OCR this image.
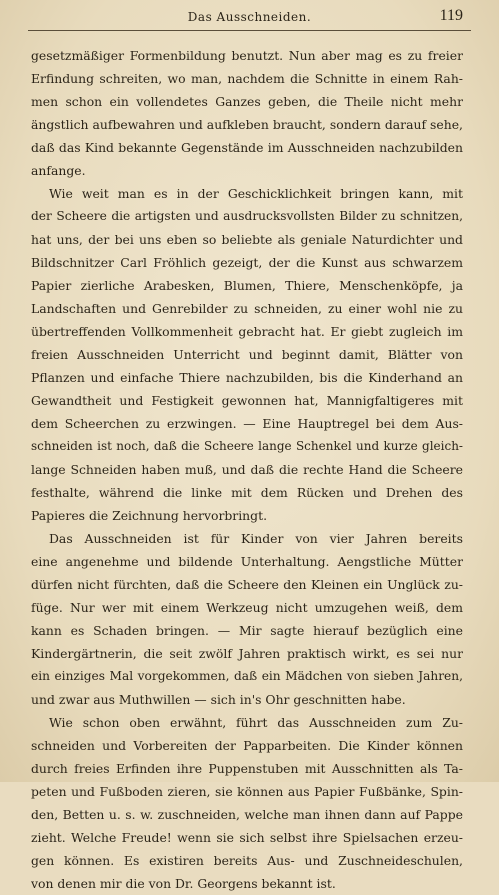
Das Ausschneiden.	119
gesetzmäßiger Formenbildung benutzt. Nun aber mag es zu freier
Erfindung schreiten, wo man, nachdem die Schnitte in einem Rah-
men schon ein vollendetes Ganzes geben, die Theile nicht mehr
ängstlich aufbewahren und aufkleben braucht, sondern darauf sehe,
daß das Kind bekannte Gegenstände im Ausschneiden nachzubilden
anfange.
Wie weit man es in der Geschicklichkeit bringen kann, mit
der Scheere die artigsten und ausdrucksvollsten Bilder zu schnitzen,
hat uns, der bei uns eben so beliebte als geniale Naturdichter und
Bildschnitzer Carl Fröhlich gezeigt, der die Kunst aus schwarzem
Papier zierliche Arabesken, Blumen, Thiere, Menschenköpfe, ja
Landschaften und Genrebilder zu schneiden, zu einer wohl nie zu
übertreffenden Vollkommenheit gebracht hat. Er giebt zugleich im
freien Ausschneiden Unterricht und beginnt damit, Blätter von
Pflanzen und einfache Thiere nachzubilden, bis die Kinderhand an
Gewandtheit und Festigkeit gewonnen hat, Mannigfaltigeres mit
dem Scheerchen zu erzwingen. — Eine Hauptregel bei dem Aus-
schneiden ist noch, daß die Scheere lange Schenkel und kurze gleich-
lange Schneiden haben muß, und daß die rechte Hand die Scheere
festhalte, während die linke mit dem Rücken und Drehen des
Papieres die Zeichnung hervorbringt.
Das Ausschneiden ist für Kinder von vier Jahren bereits
eine angenehme und bildende Unterhaltung. Aengstliche Mütter
dürfen nicht fürchten, daß die Scheere den Kleinen ein Unglück zu-
füge. Nur wer mit einem Werkzeug nicht umzugehen weiß, dem
kann es Schaden bringen. — Mir sagte hierauf bezüglich eine
Kindergärtnerin, die seit zwölf Jahren praktisch wirkt, es sei nur
ein einziges Mal vorgekommen, daß ein Mädchen von sieben Jahren,
und zwar aus Muthwillen — sich in's Ohr geschnitten habe.
Wie schon oben erwähnt, führt das Ausschneiden zum Zu-
schneiden und Vorbereiten der Papparbeiten. Die Kinder können
durch freies Erfinden ihre Puppenstuben mit Ausschnitten als Ta-
peten und Fußboden zieren, sie können aus Papier Fußbänke, Spin-
den, Betten u. s. w. zuschneiden, welche man ihnen dann auf Pappe
zieht. Welche Freude! wenn sie sich selbst ihre Spielsachen erzeu-
gen können. Es existiren bereits Aus- und Zuschneideschulen,
von denen mir die von Dr. Georgens bekannt ist.
